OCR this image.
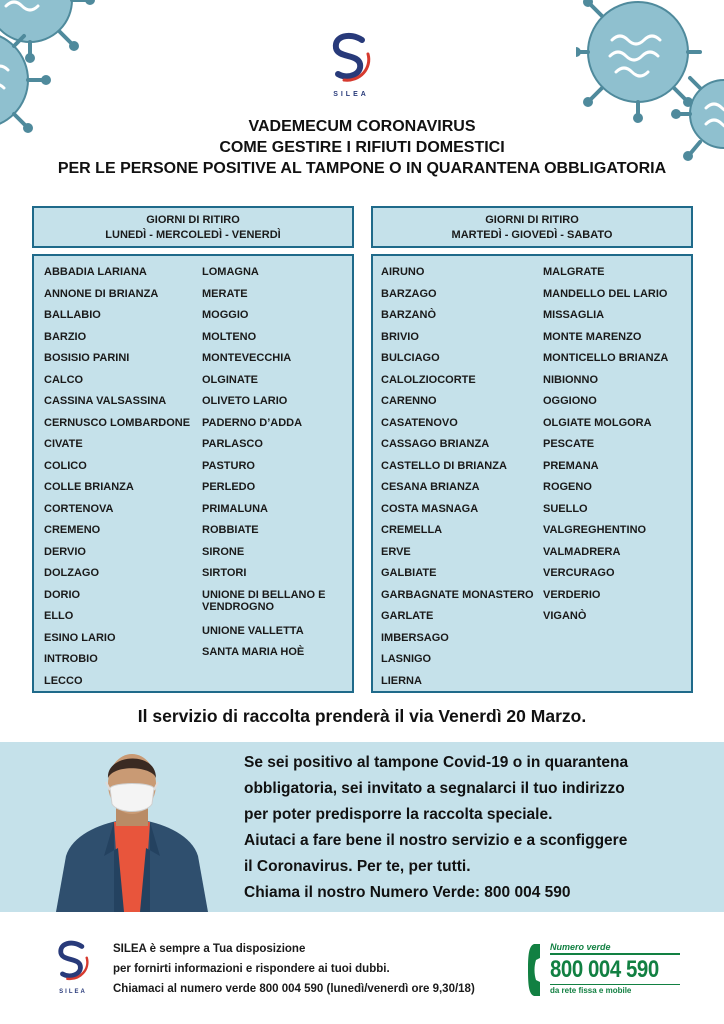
SILEA
VADEMECUM CORONAVIRUS
COME GESTIRE I RIFIUTI DOMESTICI
PER LE PERSONE POSITIVE AL TAMPONE O IN QUARANTENA OBBLIGATORIA
GIORNI DI RITIRO
LUNEDÌ - MERCOLEDÌ - VENERDÌ
GIORNI DI RITIRO
MARTEDÌ - GIOVEDÌ - SABATO
ABBADIA LARIANA
ANNONE DI BRIANZA
BALLABIO
BARZIO
BOSISIO PARINI
CALCO
CASSINA VALSASSINA
CERNUSCO LOMBARDONE
CIVATE
COLICO
COLLE BRIANZA
CORTENOVA
CREMENO
DERVIO
DOLZAGO
DORIO
ELLO
ESINO LARIO
INTROBIO
LECCO
LOMAGNA
MERATE
MOGGIO
MOLTENO
MONTEVECCHIA
OLGINATE
OLIVETO LARIO
PADERNO D’ADDA
PARLASCO
PASTURO
PERLEDO
PRIMALUNA
ROBBIATE
SIRONE
SIRTORI
UNIONE DI BELLANO E VENDROGNO
UNIONE VALLETTA
SANTA MARIA HOÈ
AIRUNO
BARZAGO
BARZANÒ
BRIVIO
BULCIAGO
CALOLZIOCORTE
CARENNO
CASATENOVO
CASSAGO BRIANZA
CASTELLO DI BRIANZA
CESANA BRIANZA
COSTA MASNAGA
CREMELLA
ERVE
GALBIATE
GARBAGNATE MONASTERO
GARLATE
IMBERSAGO
LASNIGO
LIERNA
MALGRATE
MANDELLO DEL LARIO
MISSAGLIA
MONTE MARENZO
MONTICELLO BRIANZA
NIBIONNO
OGGIONO
OLGIATE MOLGORA
PESCATE
PREMANA
ROGENO
SUELLO
VALGREGHENTINO
VALMADRERA
VERCURAGO
VERDERIO
VIGANÒ
Il servizio di raccolta prenderà il via Venerdì 20 Marzo.
Se sei positivo al tampone Covid-19 o in quarantena
obbligatoria, sei invitato a segnalarci il tuo indirizzo
per poter predisporre la raccolta speciale.
Aiutaci a fare bene il nostro servizio e a sconfiggere
il Coronavirus. Per te, per tutti.
Chiama il nostro Numero Verde: 800 004 590
SILEA
SILEA è sempre a Tua disposizione
per fornirti informazioni e rispondere ai tuoi dubbi.
Chiamaci al numero verde 800 004 590 (lunedì/venerdì ore 9,30/18)
Numero verde
800 004 590
da rete fissa e mobile
